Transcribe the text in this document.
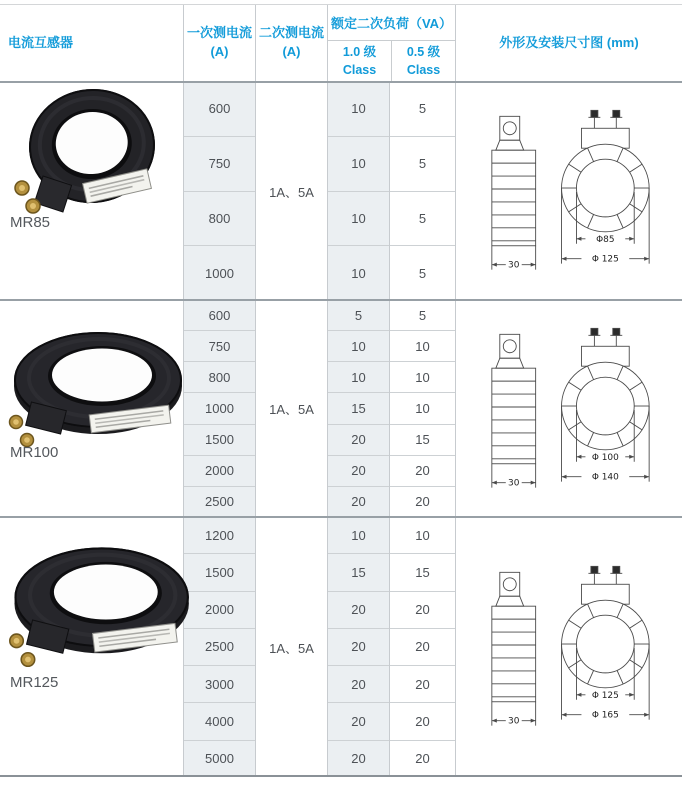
电流互感器
一次测电流
(A)
二次测电流
(A)
额定二次负荷（VA）
1.0 级
Class
0.5 级
Class
外形及安装尺寸图 (mm)
MR85
600
750
800
1000
1A、5A
10
10
10
10
5
5
5
5	30
Φ85
Φ 125
MR100
600
750
800
1000
1500
2000
2500
1A、5A
5
10
10
15
20
20
20
5
10
10
10
15
20
20
30
Φ 100
Φ 140
MR125
1200
1500
2000
2500
3000
4000
5000
1A、5A
10
15
20
20
20
20
20
10
15
20
20
20
20
20
30
Φ 125
Φ 165
